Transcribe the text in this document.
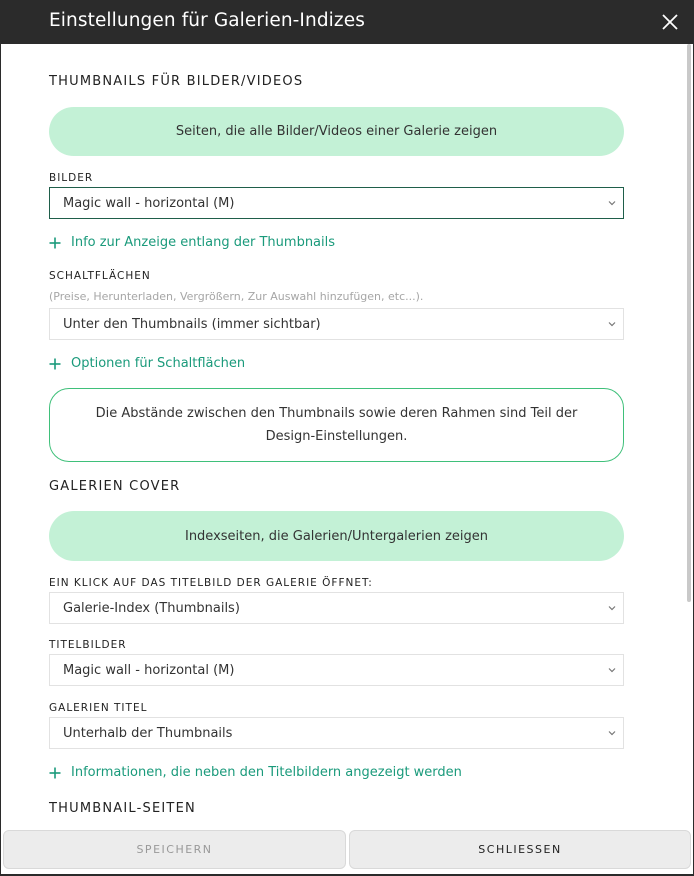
Einstellungen für Galerien-Indizes
THUMBNAILS FÜR BILDER/VIDEOS
Seiten, die alle Bilder/Videos einer Galerie zeigen
BILDER
Magic wall - horizontal (M)
Info zur Anzeige entlang der Thumbnails
SCHALTFLÄCHEN
(Preise, Herunterladen, Vergrößern, Zur Auswahl hinzufügen, etc...).
Unter den Thumbnails (immer sichtbar)
Optionen für Schaltflächen
Die Abstände zwischen den Thumbnails sowie deren Rahmen sind Teil der Design-Einstellungen.
GALERIEN COVER
Indexseiten, die Galerien/Untergalerien zeigen
EIN KLICK AUF DAS TITELBILD DER GALERIE ÖFFNET:
Galerie-Index (Thumbnails)
TITELBILDER
Magic wall - horizontal (M)
GALERIEN TITEL
Unterhalb der Thumbnails
Informationen, die neben den Titelbildern angezeigt werden
THUMBNAIL-SEITEN
SPEICHERN	SCHLIESSEN
